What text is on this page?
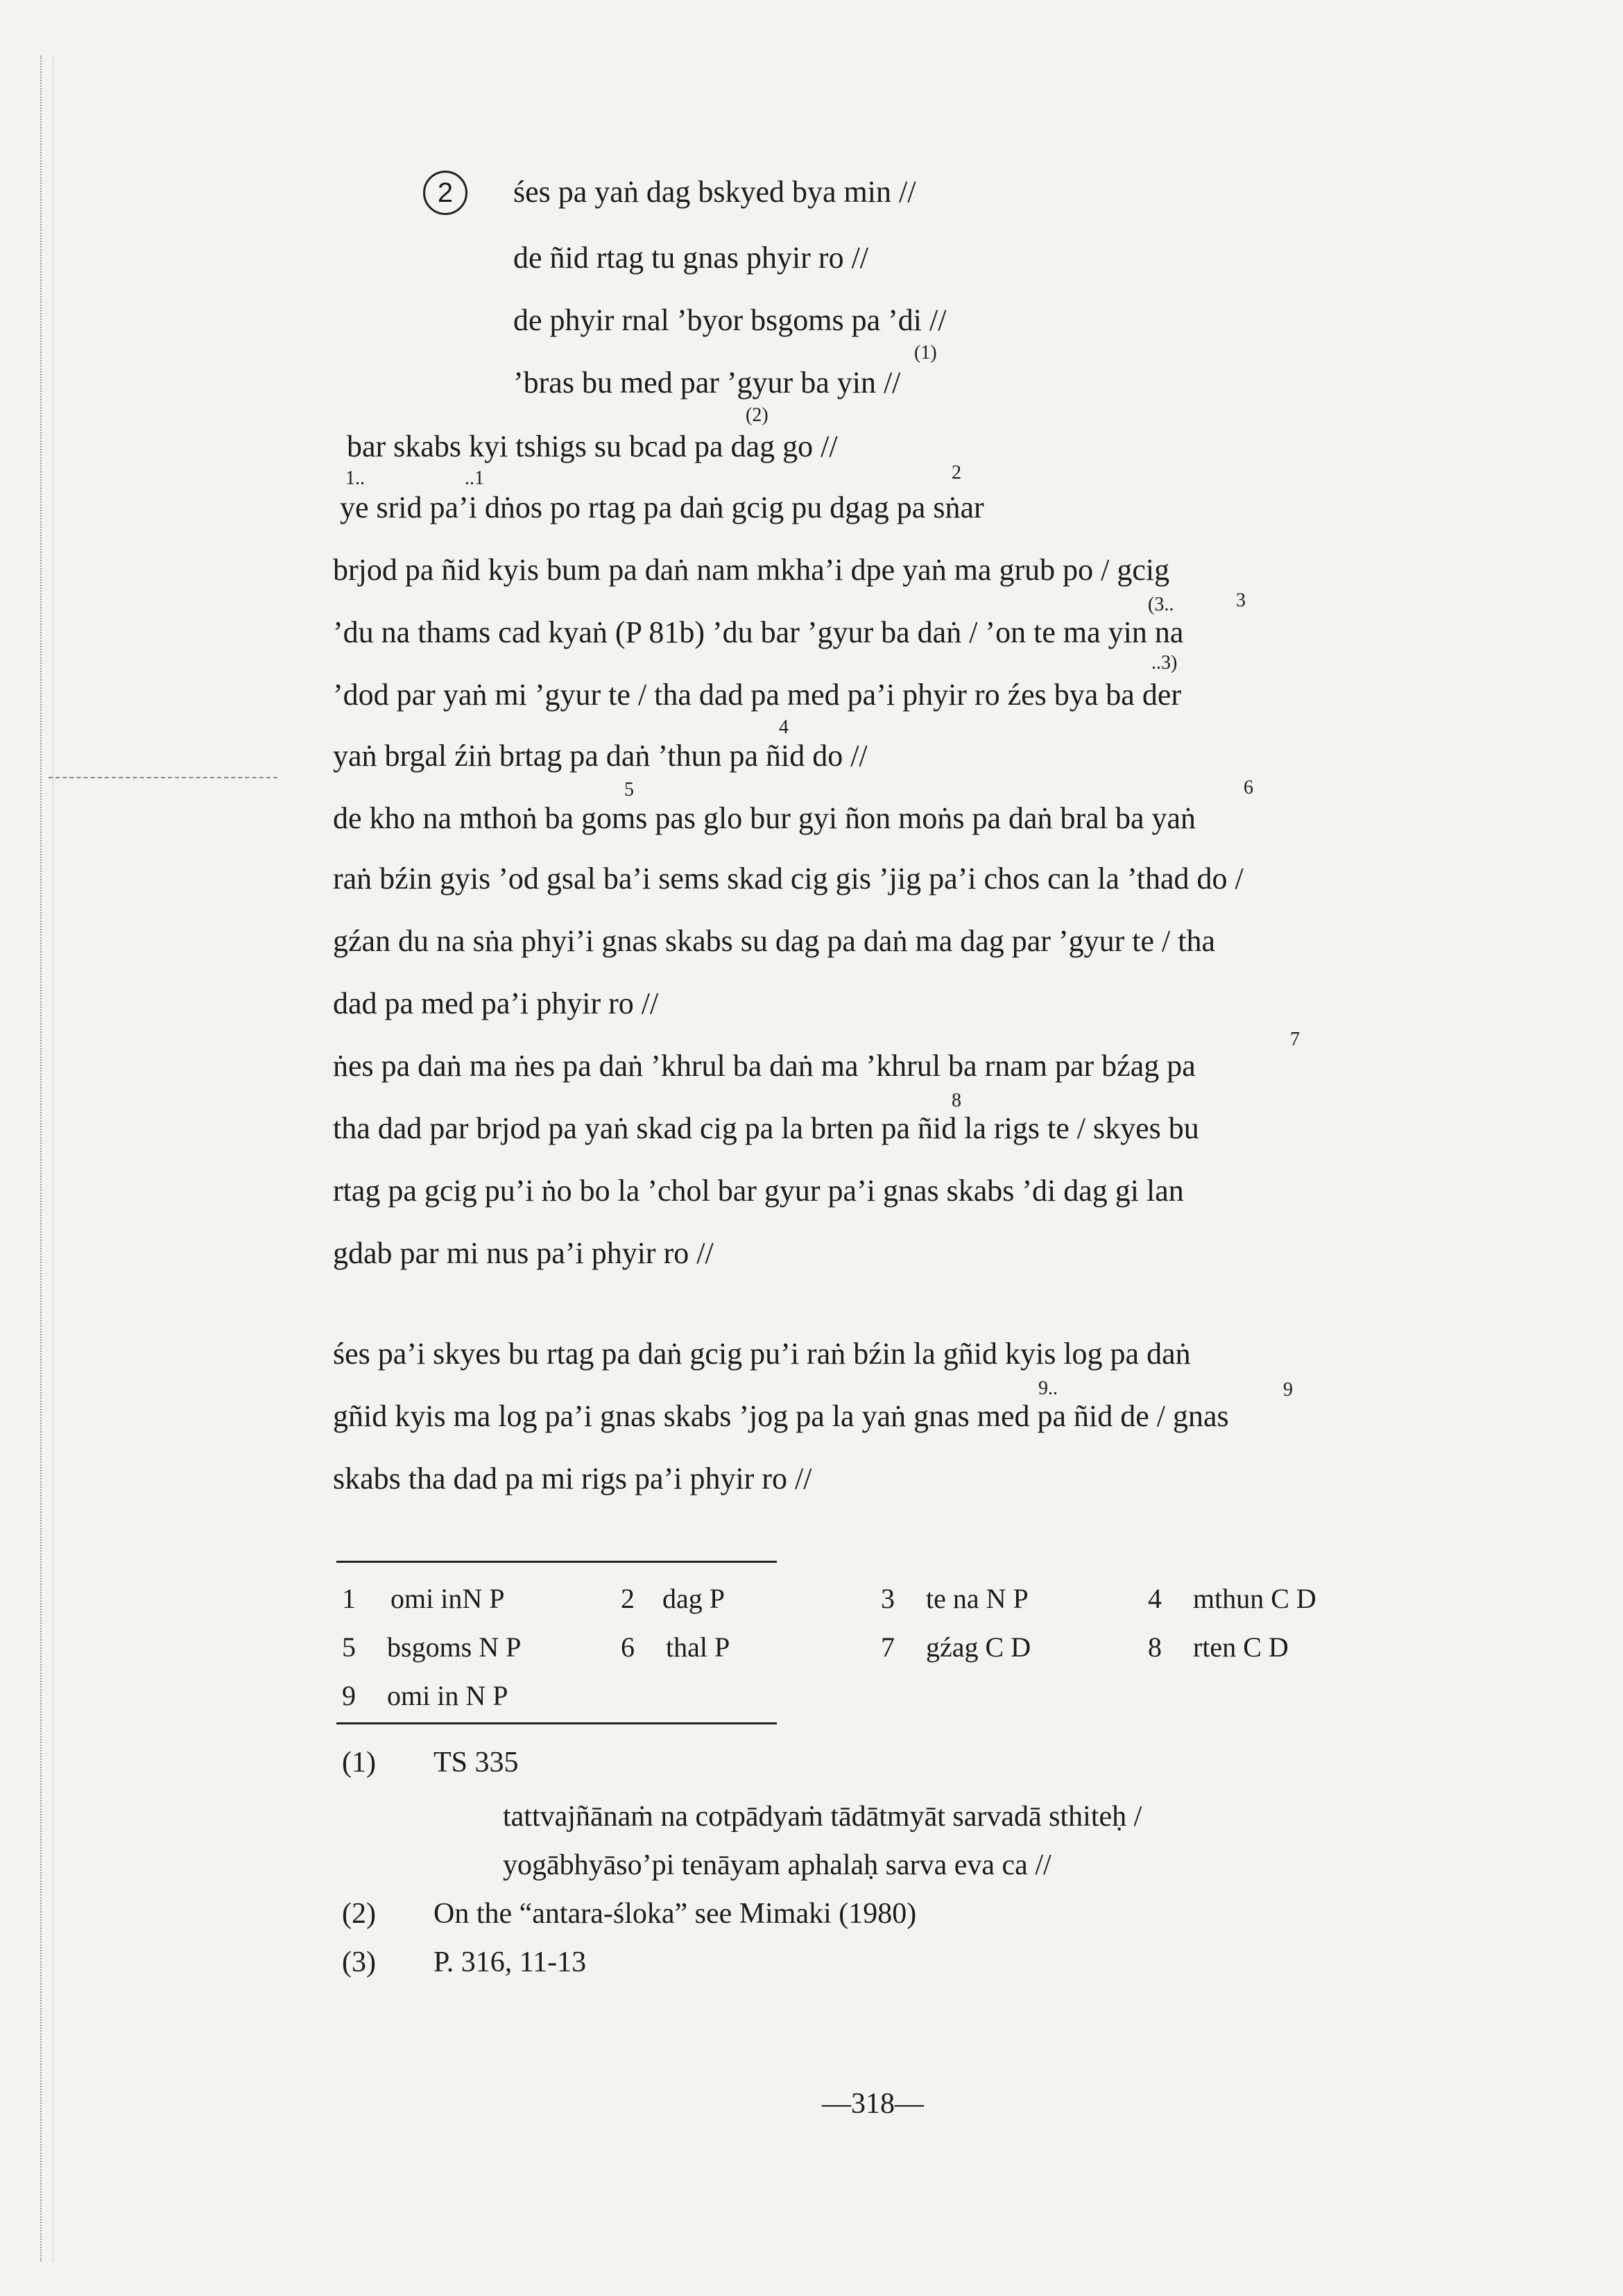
2	śes pa yaṅ dag bskyed bya min //
de ñid rtag tu gnas phyir ro //
de phyir rnal ’byor bsgoms pa ’di //
’bras bu med par ’gyur ba yin //
bar skabs kyi tshigs su bcad pa dag go //
ye srid pa’i dṅos po rtag pa daṅ gcig pu dgag pa sṅar
brjod pa ñid kyis bum pa daṅ nam mkha’i dpe yaṅ ma grub po / gcig
’du na thams cad kyaṅ (P 81b) ’du bar ’gyur ba daṅ / ’on te ma yin na
’dod par yaṅ mi ’gyur te / tha dad pa med pa’i phyir ro źes bya ba der
yaṅ brgal źiṅ brtag pa daṅ ’thun pa ñid do //
de kho na mthoṅ ba goms pas glo bur gyi ñon moṅs pa daṅ bral ba yaṅ
raṅ bźin gyis ’od gsal ba’i sems skad cig gis ’jig pa’i chos can la ’thad do /
gźan du na sṅa phyi’i gnas skabs su dag pa daṅ ma dag par ’gyur te / tha
dad pa med pa’i phyir ro //
ṅes pa daṅ ma ṅes pa daṅ ’khrul ba daṅ ma ’khrul ba rnam par bźag pa
tha dad par brjod pa yaṅ skad cig pa la brten pa ñid la rigs te / skyes bu
rtag pa gcig pu’i ṅo bo la ’chol bar gyur pa’i gnas skabs ’di dag gi lan
gdab par mi nus pa’i phyir ro //
śes pa’i skyes bu rtag pa daṅ gcig pu’i raṅ bźin la gñid kyis log pa daṅ
gñid kyis ma log pa’i gnas skabs ’jog pa la yaṅ gnas med pa ñid de / gnas
skabs tha dad pa mi rigs pa’i phyir ro //
(1)
(2)
1..	..1	2
(3..	3
..3)
4
5	6
7
8
9..	9
1 omi inN P	2 dag P	3 te na N P	4 mthun C D
5 bsgoms N P	6 thal P	7 gźag C D	8 rten C D
9 omi in N P
(1) TS 335
tattvajñānaṁ na cotpādyaṁ tādātmyāt sarvadā sthiteḥ /
yogābhyāso’pi tenāyam aphalaḥ sarva eva ca //
(2) On the “antara-śloka” see Mimaki (1980)
(3) P. 316, 11-13
—318—
